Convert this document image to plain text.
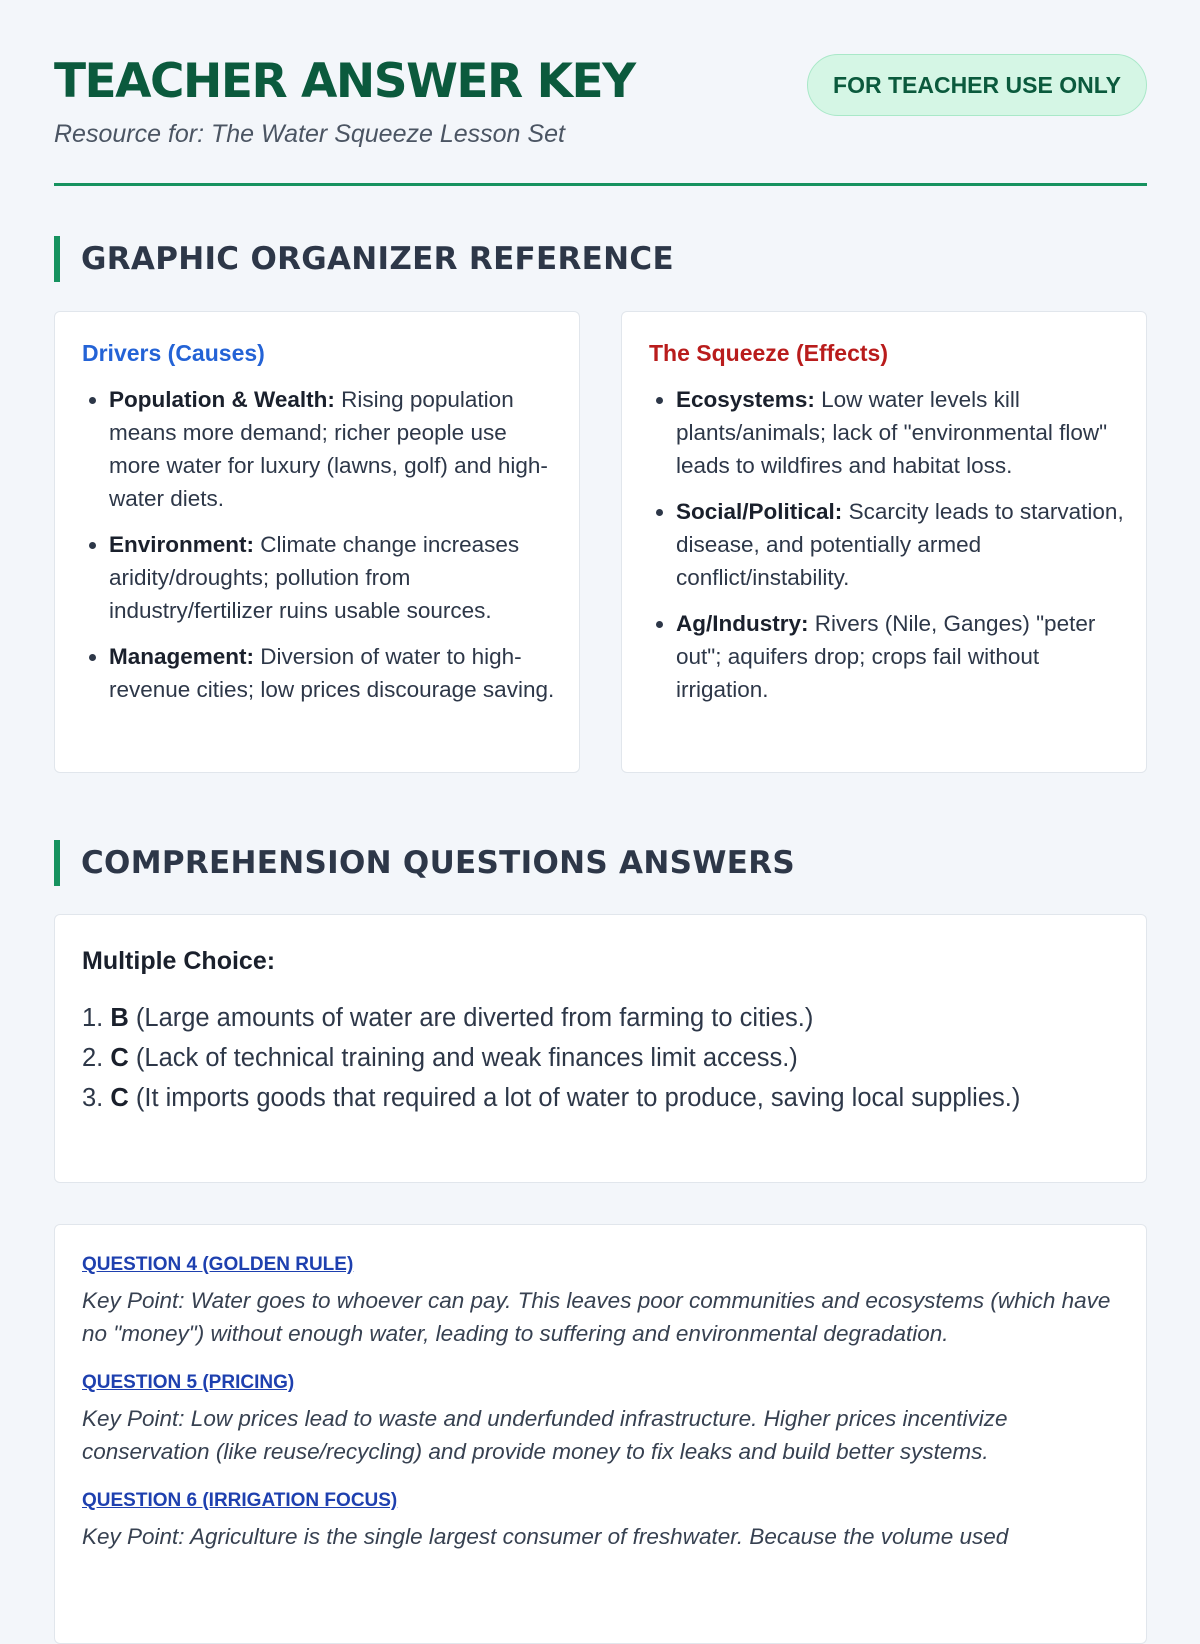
TEACHER ANSWER KEY
Resource for: The Water Squeeze Lesson Set
FOR TEACHER USE ONLY
GRAPHIC ORGANIZER REFERENCE
Drivers (Causes)
• Population & Wealth: Rising population means more demand; richer people use more water for luxury (lawns, golf) and high-water diets.
• Environment: Climate change increases aridity/droughts; pollution from industry/fertilizer ruins usable sources.
• Management: Diversion of water to high-revenue cities; low prices discourage saving.
The Squeeze (Effects)
• Ecosystems: Low water levels kill plants/animals; lack of "environmental flow" leads to wildfires and habitat loss.
• Social/Political: Scarcity leads to starvation, disease, and potentially armed conflict/instability.
• Ag/Industry: Rivers (Nile, Ganges) "peter out"; aquifers drop; crops fail without irrigation.
COMPREHENSION QUESTIONS ANSWERS
Multiple Choice:
1. B (Large amounts of water are diverted from farming to cities.)
2. C (Lack of technical training and weak finances limit access.)
3. C (It imports goods that required a lot of water to produce, saving local supplies.)
QUESTION 4 (GOLDEN RULE)

Key Point: Water goes to whoever can pay. This leaves poor communities and ecosystems (which have no "money") without enough water, leading to suffering and environmental degradation.

QUESTION 5 (PRICING)

Key Point: Low prices lead to waste and underfunded infrastructure. Higher prices incentivize conservation (like reuse/recycling) and provide money to fix leaks and build better systems.

QUESTION 6 (IRRIGATION FOCUS)

Key Point: Agriculture is the single largest consumer of freshwater. Because the volume used
